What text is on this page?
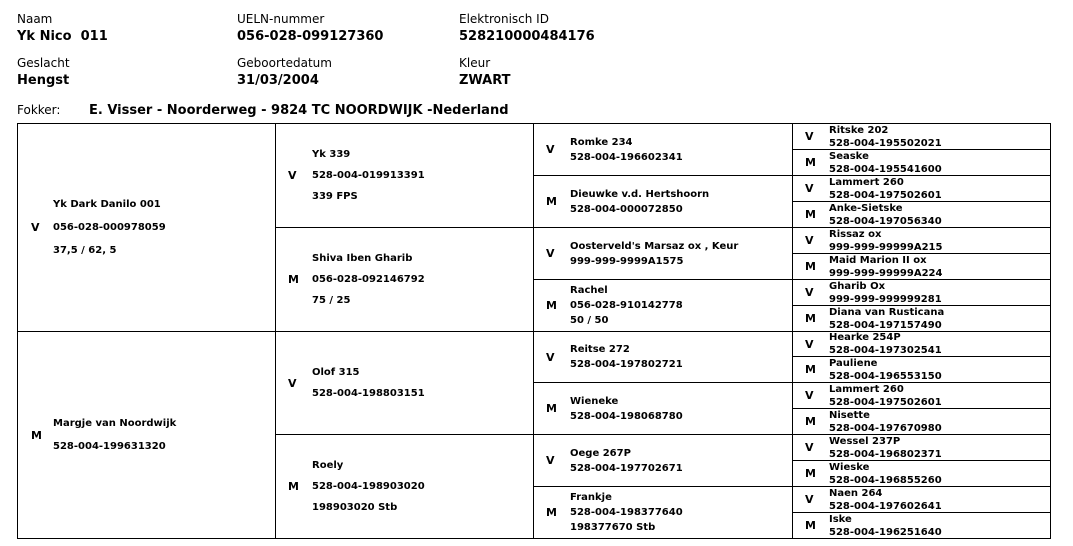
Naam
Yk Nico  011
UELN-nummer
056-028-099127360
Elektronisch ID
528210000484176
Geslacht
Hengst
Geboortedatum
31/03/2004
Kleur
ZWART
Fokker: E. Visser - Noorderweg - 9824 TC NOORDWIJK -Nederland
V
Yk Dark Danilo 001
056-028-000978059
37,5 / 62, 5
M
Margje van Noordwijk
528-004-199631320
V
Yk 339
528-004-019913391
339 FPS
M
Shiva Iben Gharib
056-028-092146792
75 / 25
V
Olof 315
528-004-198803151
M
Roely
528-004-198903020
198903020 Stb
V
Romke 234
528-004-196602341
M
Dieuwke v.d. Hertshoorn
528-004-000072850
V
Oosterveld's Marsaz ox , Keur
999-999-9999A1575
M
Rachel
056-028-910142778
50 / 50
V
Reitse 272
528-004-197802721
M
Wieneke
528-004-198068780
V
Oege 267P
528-004-197702671
M
Frankje
528-004-198377640
198377670 Stb
V Ritske 202
528-004-195502021
M Seaske
528-004-195541600
V Lammert 260
528-004-197502601
M Anke-Sietske
528-004-197056340
V Rissaz ox
999-999-99999A215
M Maid Marion II ox
999-999-99999A224
V Gharib Ox
999-999-999999281
M Diana van Rusticana
528-004-197157490
V
Hearke 254P
528-004-197302541
M Pauliene
528-004-196553150
V Lammert 260
528-004-197502601
M Nisette
528-004-197670980
V Wessel 237P
528-004-196802371
M Wieske
528-004-196855260
V Naen 264
528-004-197602641
M Iske
528-004-196251640
